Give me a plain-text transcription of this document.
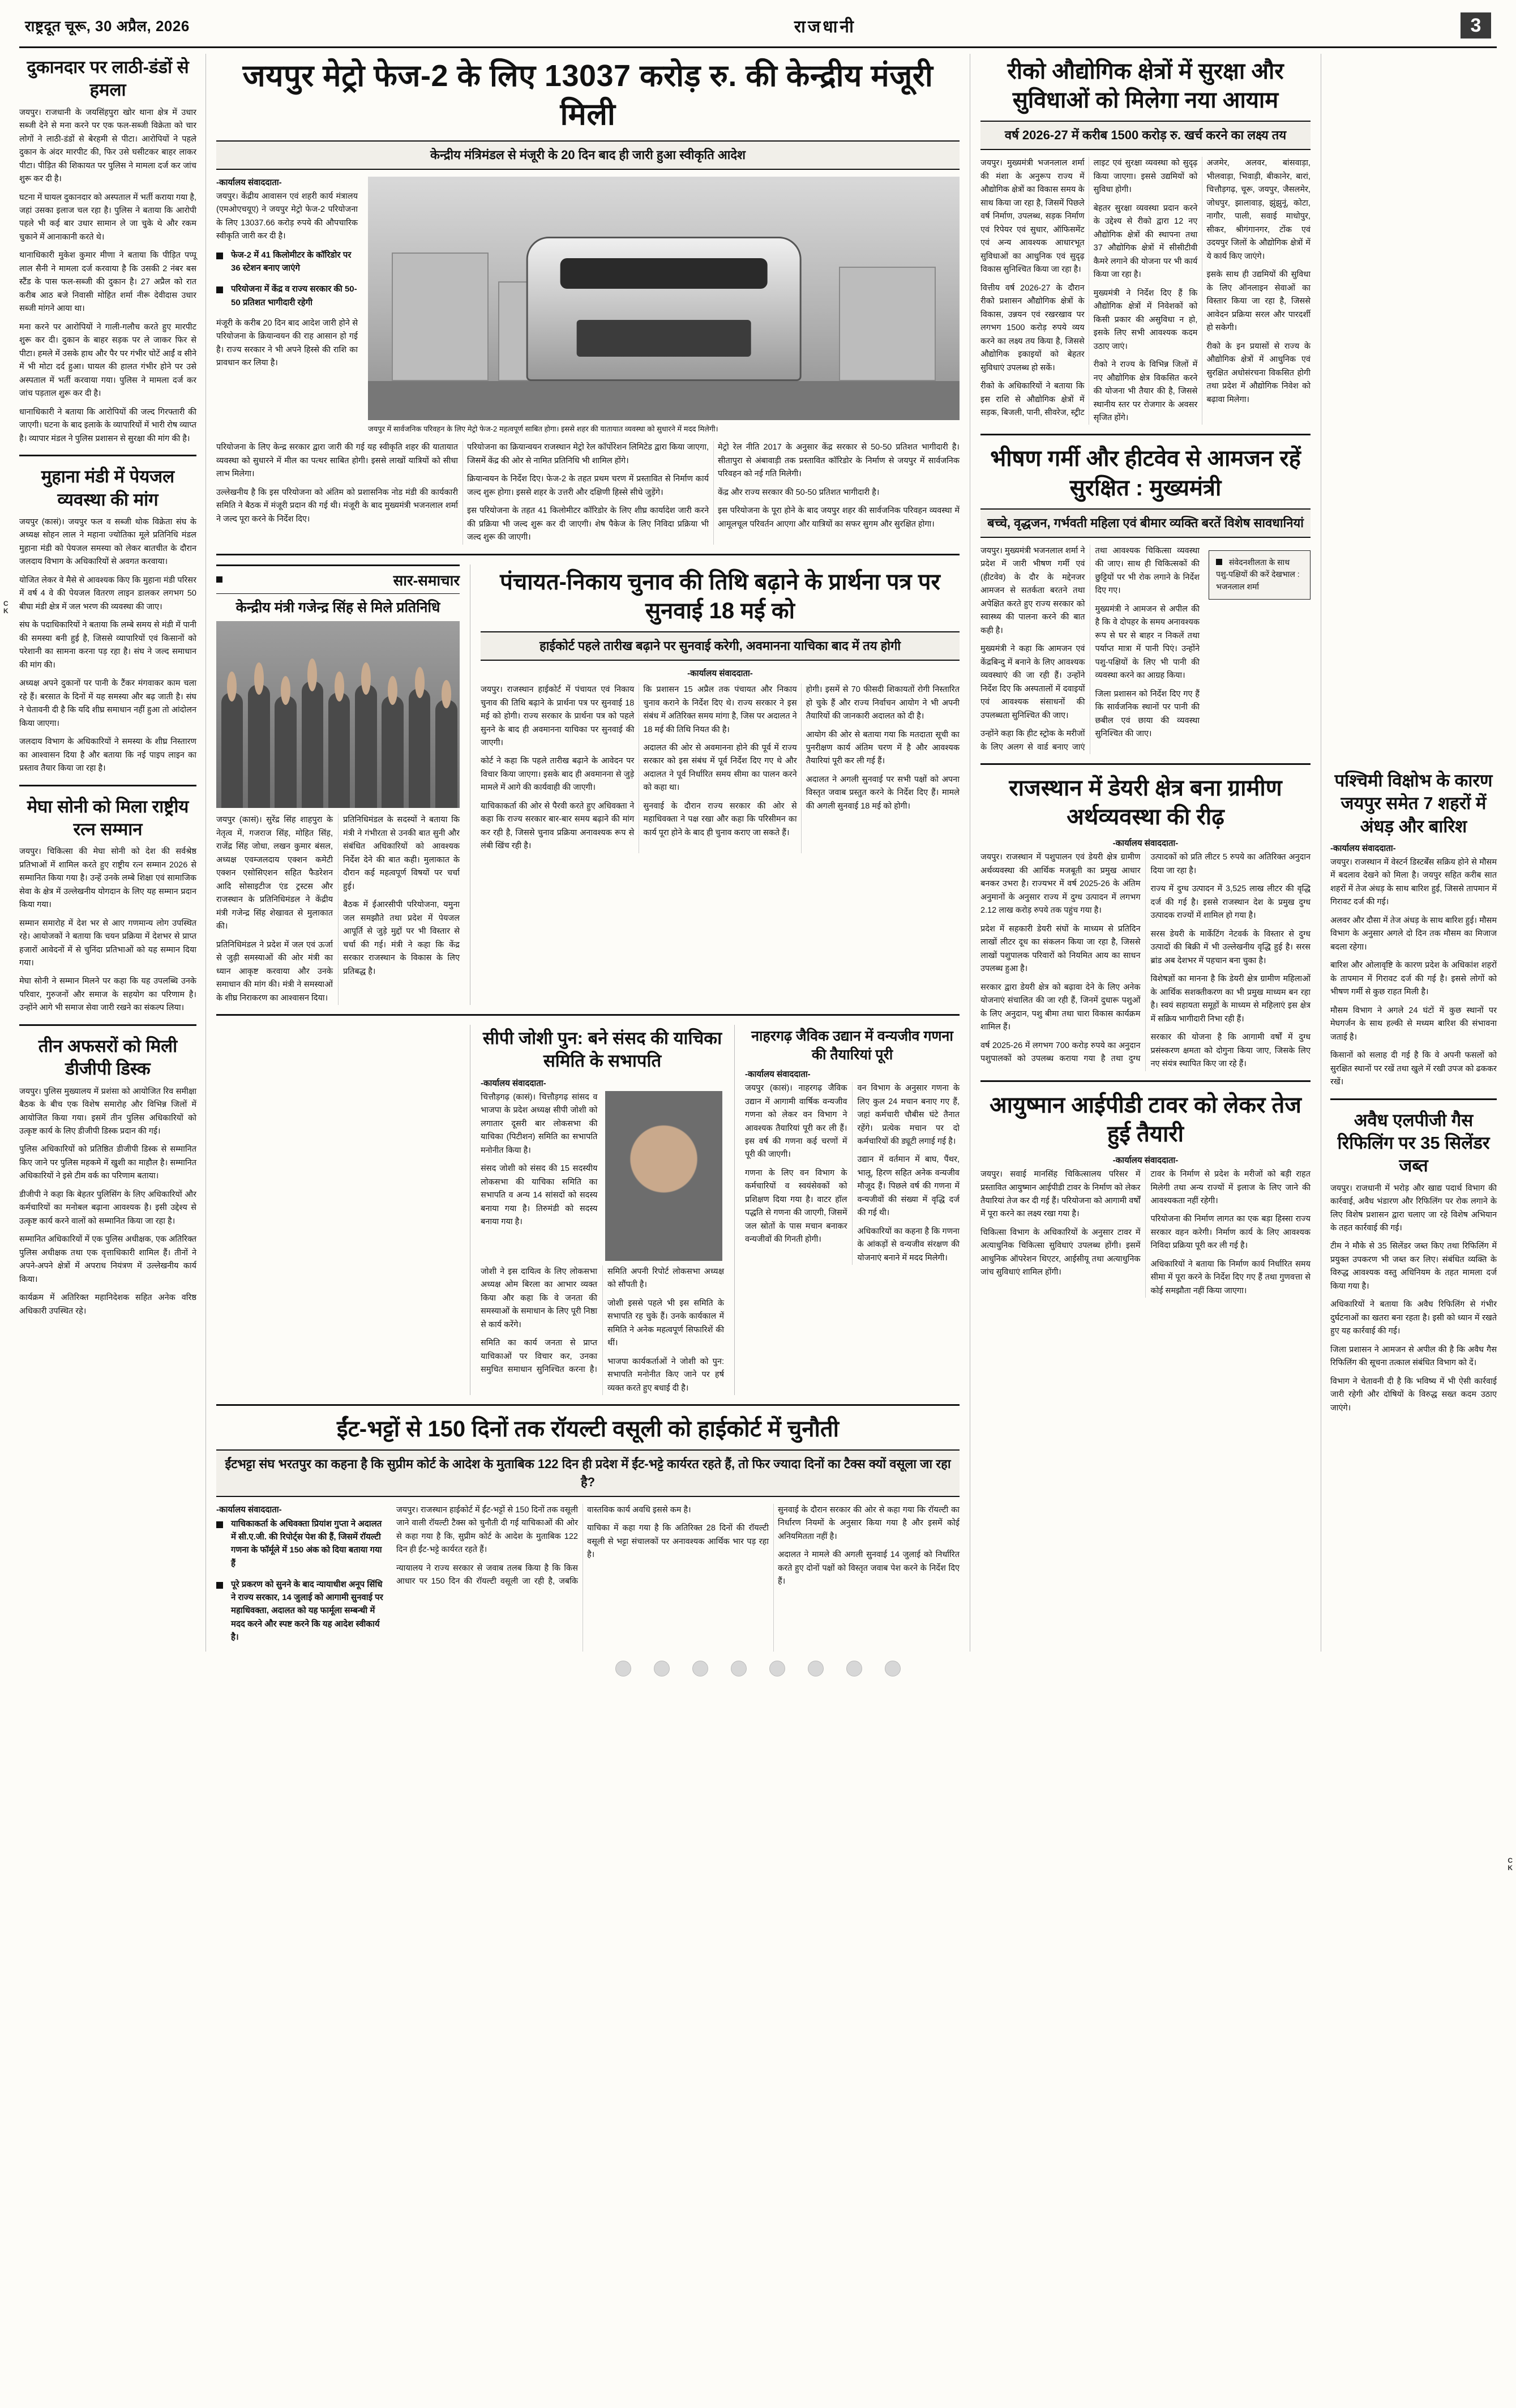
राष्ट्रदूत चूरू, 30 अप्रैल, 2026	राजधानी	3
C
K
C
K
दुकानदार पर लाठी-डंडों से हमला

जयपुर। राजधानी के जयसिंहपुरा खोर थाना क्षेत्र में उधार सब्जी देने से मना करने पर एक फल-सब्जी विक्रेता को चार लोगों ने लाठी-डंडों से बेरहमी से पीटा। आरोपियों ने पहले दुकान के अंदर मारपीट की, फिर उसे घसीटकर बाहर लाकर पीटा। पीड़ित की शिकायत पर पुलिस ने मामला दर्ज कर जांच शुरू कर दी है।

घटना में घायल दुकानदार को अस्पताल में भर्ती कराया गया है, जहां उसका इलाज चल रहा है। पुलिस ने बताया कि आरोपी पहले भी कई बार उधार सामान ले जा चुके थे और रकम चुकाने में आनाकानी करते थे।

थानाधिकारी मुकेश कुमार मीणा ने बताया कि पीड़ित पप्पू लाल सैनी ने मामला दर्ज करवाया है कि उसकी 2 नंबर बस स्टैंड के पास फल-सब्जी की दुकान है। 27 अप्रैल को रात करीब आठ बजे निवासी मोहित शर्मा नीरू देवीदास उधार सब्जी मांगने आया था।

मना करने पर आरोपियों ने गाली-गलौच करते हुए मारपीट शुरू कर दी। दुकान के बाहर सड़क पर ले जाकर फिर से पीटा। हमले में उसके हाथ और पैर पर गंभीर चोटें आईं व सीने में भी मोटा दर्द हुआ। घायल की हालत गंभीर होने पर उसे अस्पताल में भर्ती करवाया गया। पुलिस ने मामला दर्ज कर जांच पड़ताल शुरू कर दी है।

धानाधिकारी ने बताया कि आरोपियों की जल्द गिरफ्तारी की जाएगी। घटना के बाद इलाके के व्यापारियों में भारी रोष व्याप्त है। व्यापार मंडल ने पुलिस प्रशासन से सुरक्षा की मांग की है।

मुहाना मंडी में पेयजल व्यवस्था की मांग

जयपुर (कासं)। जयपुर फल व सब्जी थोक विक्रेता संघ के अध्यक्ष सोहन लाल ने महाना ज्योतिका मूले प्रतिनिधि मंडल मुहाना मंडी को पेयजल समस्या को लेकर बातचीत के दौरान जलदाय विभाग के अधिकारियों से अवगत करवाया।

योजित लेकर वे मैसे से आवश्यक किए कि मुहाना मंडी परिसर में वर्ष 4 वे की पेयजल वितरण लाइन डालकर लगभग 50 बीघा मंडी क्षेत्र में जल भरण की व्यवस्था की जाए।

संघ के पदाधिकारियों ने बताया कि लम्बे समय से मंडी में पानी की समस्या बनी हुई है, जिससे व्यापारियों एवं किसानों को परेशानी का सामना करना पड़ रहा है। संघ ने जल्द समाधान की मांग की।

अध्यक्ष अपने दुकानों पर पानी के टैंकर मंगवाकर काम चला रहे हैं। बरसात के दिनों में यह समस्या और बढ़ जाती है। संघ ने चेतावनी दी है कि यदि शीघ्र समाधान नहीं हुआ तो आंदोलन किया जाएगा।

जलदाय विभाग के अधिकारियों ने समस्या के शीघ्र निस्तारण का आश्वासन दिया है और बताया कि नई पाइप लाइन का प्रस्ताव तैयार किया जा रहा है।

मेघा सोनी को मिला राष्ट्रीय रत्न सम्मान

जयपुर। चिकित्सा की मेघा सोनी को देश की सर्वश्रेष्ठ प्रतिभाओं में शामिल करते हुए राष्ट्रीय रत्न सम्मान 2026 से सम्मानित किया गया है। उन्हें उनके लम्बे शिक्षा एवं सामाजिक सेवा के क्षेत्र में उल्लेखनीय योगदान के लिए यह सम्मान प्रदान किया गया।

सम्मान समारोह में देश भर से आए गणमान्य लोग उपस्थित रहे। आयोजकों ने बताया कि चयन प्रक्रिया में देशभर से प्राप्त हजारों आवेदनों में से चुनिंदा प्रतिभाओं को यह सम्मान दिया गया।

मेघा सोनी ने सम्मान मिलने पर कहा कि यह उपलब्धि उनके परिवार, गुरुजनों और समाज के सहयोग का परिणाम है। उन्होंने आगे भी समाज सेवा जारी रखने का संकल्प लिया।

तीन अफसरों को मिली डीजीपी डिस्क

जयपुर। पुलिस मुख्यालय में प्रशंसा को आयोजित रिव समीक्षा बैठक के बीच एक विशेष समारोह और विभिन्न जिलों में आयोजित किया गया। इसमें तीन पुलिस अधिकारियों को उत्कृष्ट कार्य के लिए डीजीपी डिस्क प्रदान की गई।

पुलिस अधिकारियों को प्रतिष्ठित डीजीपी डिस्क से सम्मानित किए जाने पर पुलिस महकमे में खुशी का माहौल है। सम्मानित अधिकारियों ने इसे टीम वर्क का परिणाम बताया।

डीजीपी ने कहा कि बेहतर पुलिसिंग के लिए अधिकारियों और कर्मचारियों का मनोबल बढ़ाना आवश्यक है। इसी उद्देश्य से उत्कृष्ट कार्य करने वालों को सम्मानित किया जा रहा है।

सम्मानित अधिकारियों में एक पुलिस अधीक्षक, एक अतिरिक्त पुलिस अधीक्षक तथा एक वृत्ताधिकारी शामिल हैं। तीनों ने अपने-अपने क्षेत्रों में अपराध नियंत्रण में उल्लेखनीय कार्य किया।

कार्यक्रम में अतिरिक्त महानिदेशक सहित अनेक वरिष्ठ अधिकारी उपस्थित रहे।

जयपुर मेट्रो फेज-2 के लिए 13037 करोड़ रु. की केन्द्रीय मंजूरी मिली
केन्द्रीय मंत्रिमंडल से मंजूरी के 20 दिन बाद ही जारी हुआ स्वीकृति आदेश
-कार्यालय संवाददाता-

जयपुर। केंद्रीय आवासन एवं शहरी कार्य मंत्रालय (एमओएचयूए) ने जयपुर मेट्रो फेज-2 परियोजना के लिए 13037.66 करोड़ रुपये की औपचारिक स्वीकृति जारी कर दी है।

फेज-2 में 41 किलोमीटर के कॉरिडोर पर 36 स्टेशन बनाए जाएंगे
परियोजना में केंद्र व राज्य सरकार की 50-50 प्रतिशत भागीदारी रहेगी

मंजूरी के करीब 20 दिन बाद आदेश जारी होने से परियोजना के क्रियान्वयन की राह आसान हो गई है। राज्य सरकार ने भी अपने हिस्से की राशि का प्रावधान कर लिया है।

जयपुर में सार्वजनिक परिवहन के लिए मेट्रो फेज-2 महत्वपूर्ण साबित होगा। इससे शहर की यातायात व्यवस्था को सुधारने में मदद मिलेगी।

परियोजना के लिए केन्द्र सरकार द्वारा जारी की गई यह स्वीकृति शहर की यातायात व्यवस्था को सुधारने में मील का पत्थर साबित होगी। इससे लाखों यात्रियों को सीधा लाभ मिलेगा।

उल्लेखनीय है कि इस परियोजना को अंतिम को प्रशासनिक नोड मंडी की कार्यकारी समिति ने बैठक में मंजूरी प्रदान की गई थी। मंजूरी के बाद मुख्यमंत्री भजनलाल शर्मा ने जल्द पूरा करने के निर्देश दिए।

परियोजना का क्रियान्वयन राजस्थान मेट्रो रेल कॉर्पोरेशन लिमिटेड द्वारा किया जाएगा, जिसमें केंद्र की ओर से नामित प्रतिनिधि भी शामिल होंगे।

क्रियान्वयन के निर्देश दिए। फेज-2 के तहत प्रथम चरण में प्रस्तावित से निर्माण कार्य जल्द शुरू होगा। इससे शहर के उत्तरी और दक्षिणी हिस्से सीधे जुड़ेंगे।

इस परियोजना के तहत 41 किलोमीटर कॉरिडोर के लिए शीघ्र कार्यादेश जारी करने की प्रक्रिया भी जल्द शुरू कर दी जाएगी। शेष पैकेज के लिए निविदा प्रक्रिया भी जल्द शुरू की जाएगी।

मेट्रो रेल नीति 2017 के अनुसार केंद्र सरकार से 50-50 प्रतिशत भागीदारी है। सीतापुरा से अंबावाड़ी तक प्रस्तावित कॉरिडोर के निर्माण से जयपुर में सार्वजनिक परिवहन को नई गति मिलेगी।

केंद्र और राज्य सरकार की 50-50 प्रतिशत भागीदारी है।

इस परियोजना के पूरा होने के बाद जयपुर शहर की सार्वजनिक परिवहन व्यवस्था में आमूलचूल परिवर्तन आएगा और यात्रियों का सफर सुगम और सुरक्षित होगा।

सार-समाचार
केन्द्रीय मंत्री गजेन्द्र सिंह से मिले प्रतिनिधि

जयपुर (कासं)। सुरेंद्र सिंह शाहपुरा के नेतृत्व में, गजराज सिंह, मोहित सिंह, राजेंद्र सिंह जोधा, लखन कुमार बंसल, अध्यक्ष एवम्जलदाय एक्शन कमेटी एक्शन एसोसिएशन सहित फैडरेशन आदि सोसाइटीज एंड ट्रस्टस और राजस्थान के प्रतिनिधिमंडल ने केंद्रीय मंत्री गजेन्द्र सिंह शेखावत से मुलाकात की।

प्रतिनिधिमंडल ने प्रदेश में जल एवं ऊर्जा से जुड़ी समस्याओं की ओर मंत्री का ध्यान आकृष्ट करवाया और उनके समाधान की मांग की। मंत्री ने समस्याओं के शीघ्र निराकरण का आश्वासन दिया।

प्रतिनिधिमंडल के सदस्यों ने बताया कि मंत्री ने गंभीरता से उनकी बात सुनी और संबंधित अधिकारियों को आवश्यक निर्देश देने की बात कही। मुलाकात के दौरान कई महत्वपूर्ण विषयों पर चर्चा हुई।

बैठक में ईआरसीपी परियोजना, यमुना जल समझौते तथा प्रदेश में पेयजल आपूर्ति से जुड़े मुद्दों पर भी विस्तार से चर्चा की गई। मंत्री ने कहा कि केंद्र सरकार राजस्थान के विकास के लिए प्रतिबद्ध है।

पंचायत-निकाय चुनाव की तिथि बढ़ाने के प्रार्थना पत्र पर सुनवाई 18 मई को
हाईकोर्ट पहले तारीख बढ़ाने पर सुनवाई करेगी, अवमानना याचिका बाद में तय होगी
-कार्यालय संवाददाता-

जयपुर। राजस्थान हाईकोर्ट में पंचायत एवं निकाय चुनाव की तिथि बढ़ाने के प्रार्थना पत्र पर सुनवाई 18 मई को होगी। राज्य सरकार के प्रार्थना पत्र को पहले सुनने के बाद ही अवमानना याचिका पर सुनवाई की जाएगी।

कोर्ट ने कहा कि पहले तारीख बढ़ाने के आवेदन पर विचार किया जाएगा। इसके बाद ही अवमानना से जुड़े मामले में आगे की कार्यवाही की जाएगी।

याचिकाकर्ता की ओर से पैरवी करते हुए अधिवक्ता ने कहा कि राज्य सरकार बार-बार समय बढ़ाने की मांग कर रही है, जिससे चुनाव प्रक्रिया अनावश्यक रूप से लंबी खिंच रही है।

कि प्रशासन 15 अप्रैल तक पंचायत और निकाय चुनाव कराने के निर्देश दिए थे। राज्य सरकार ने इस संबंध में अतिरिक्त समय मांगा है, जिस पर अदालत ने 18 मई की तिथि नियत की है।

अदालत की ओर से अवमानना होने की पूर्व में राज्य सरकार को इस संबंध में पूर्व निर्देश दिए गए थे और अदालत ने पूर्व निर्धारित समय सीमा का पालन करने को कहा था।

सुनवाई के दौरान राज्य सरकार की ओर से महाधिवक्ता ने पक्ष रखा और कहा कि परिसीमन का कार्य पूरा होने के बाद ही चुनाव कराए जा सकते हैं।

होगी। इसमें से 70 फीसदी शिकायतों रोगी निस्तारित हो चुके हैं और राज्य निर्वाचन आयोग ने भी अपनी तैयारियों की जानकारी अदालत को दी है।

आयोग की ओर से बताया गया कि मतदाता सूची का पुनरीक्षण कार्य अंतिम चरण में है और आवश्यक तैयारियां पूरी कर ली गई हैं।

अदालत ने अगली सुनवाई पर सभी पक्षों को अपना विस्तृत जवाब प्रस्तुत करने के निर्देश दिए हैं। मामले की अगली सुनवाई 18 मई को होगी।

सीपी जोशी पुन: बने संसद की याचिका समिति के सभापति
-कार्यालय संवाददाता-

चित्तौड़गढ़ (कासं)। चित्तौड़गढ़ सांसद व भाजपा के प्रदेश अध्यक्ष सीपी जोशी को लगातार दूसरी बार लोकसभा की याचिका (पिटीशन) समिति का सभापति मनोनीत किया है।

संसद जोशी को संसद की 15 सदस्यीय लोकसभा की याचिका समिति का सभापति व अन्य 14 सांसदों को सदस्य बनाया गया है। तिरुमंडी को सदस्य बनाया गया है।

जोशी ने इस दायित्व के लिए लोकसभा अध्यक्ष ओम बिरला का आभार व्यक्त किया और कहा कि वे जनता की समस्याओं के समाधान के लिए पूरी निष्ठा से कार्य करेंगे।

समिति का कार्य जनता से प्राप्त याचिकाओं पर विचार कर, उनका समुचित समाधान सुनिश्चित करना है। समिति अपनी रिपोर्ट लोकसभा अध्यक्ष को सौंपती है।

जोशी इससे पहले भी इस समिति के सभापति रह चुके हैं। उनके कार्यकाल में समिति ने अनेक महत्वपूर्ण सिफारिशें की थीं।

भाजपा कार्यकर्ताओं ने जोशी को पुन: सभापति मनोनीत किए जाने पर हर्ष व्यक्त करते हुए बधाई दी है।

नाहरगढ़ जैविक उद्यान में वन्यजीव गणना की तैयारियां पूरी
-कार्यालय संवाददाता-

जयपुर (कासं)। नाहरगढ़ जैविक उद्यान में आगामी वार्षिक वन्यजीव गणना को लेकर वन विभाग ने आवश्यक तैयारियां पूरी कर ली हैं। इस वर्ष की गणना कई चरणों में पूरी की जाएगी।

गणना के लिए वन विभाग के कर्मचारियों व स्वयंसेवकों को प्रशिक्षण दिया गया है। वाटर हॉल पद्धति से गणना की जाएगी, जिसमें जल स्रोतों के पास मचान बनाकर वन्यजीवों की गिनती होगी।

वन विभाग के अनुसार गणना के लिए कुल 24 मचान बनाए गए हैं, जहां कर्मचारी चौबीस घंटे तैनात रहेंगे। प्रत्येक मचान पर दो कर्मचारियों की ड्यूटी लगाई गई है।

उद्यान में वर्तमान में बाघ, पैंथर, भालू, हिरण सहित अनेक वन्यजीव मौजूद हैं। पिछले वर्ष की गणना में वन्यजीवों की संख्या में वृद्धि दर्ज की गई थी।

अधिकारियों का कहना है कि गणना के आंकड़ों से वन्यजीव संरक्षण की योजनाएं बनाने में मदद मिलेगी।

ईंट-भट्टों से 150 दिनों तक रॉयल्टी वसूली को हाईकोर्ट में चुनौती
ईंटभट्टा संघ भरतपुर का कहना है कि सुप्रीम कोर्ट के आदेश के मुताबिक 122 दिन ही प्रदेश में ईंट-भट्टे कार्यरत रहते हैं, तो फिर ज्यादा दिनों का टैक्स क्यों वसूला जा रहा है?
-कार्यालय संवाददाता-
याचिकाकर्ता के अधिवक्ता प्रियांश गुप्ता ने अदालत में सी.ए.जी. की रिपोर्ट्स पेश की हैं, जिसमें रॉयल्टी गणना के फॉर्मूले में 150 अंक को दिया बताया गया हैं
पूरे प्रकरण को सुनने के बाद न्यायाधीश अनूप सिंधि ने राज्य सरकार, 14 जुलाई को आगामी सुनवाई पर महाधिवक्ता, अदालत को यह फार्मूला सम्बन्धी में मदद करने और स्पष्ट करने कि यह आदेश स्वीकार्य है।

जयपुर। राजस्थान हाईकोर्ट में ईंट-भट्टों से 150 दिनों तक वसूली जाने वाली रॉयल्टी टैक्स को चुनौती दी गई याचिकाओं की ओर से कहा गया है कि, सुप्रीम कोर्ट के आदेश के मुताबिक 122 दिन ही ईंट-भट्टे कार्यरत रहते हैं।

न्यायालय ने राज्य सरकार से जवाब तलब किया है कि किस आधार पर 150 दिन की रॉयल्टी वसूली जा रही है, जबकि वास्तविक कार्य अवधि इससे कम है।

याचिका में कहा गया है कि अतिरिक्त 28 दिनों की रॉयल्टी वसूली से भट्टा संचालकों पर अनावश्यक आर्थिक भार पड़ रहा है।

सुनवाई के दौरान सरकार की ओर से कहा गया कि रॉयल्टी का निर्धारण नियमों के अनुसार किया गया है और इसमें कोई अनियमितता नहीं है।

अदालत ने मामले की अगली सुनवाई 14 जुलाई को निर्धारित करते हुए दोनों पक्षों को विस्तृत जवाब पेश करने के निर्देश दिए हैं।

रीको औद्योगिक क्षेत्रों में सुरक्षा और सुविधाओं को मिलेगा नया आयाम
वर्ष 2026-27 में करीब 1500 करोड़ रु. खर्च करने का लक्ष्य तय

जयपुर। मुख्यमंत्री भजनलाल शर्मा की मंशा के अनुरूप राज्य में औद्योगिक क्षेत्रों का विकास समय के साथ किया जा रहा है, जिसमें पिछले वर्ष निर्माण, उपलब्ध, सड़क निर्माण एवं रिपेयर एवं सुधार, ऑफिसमेंट एवं अन्य आवश्यक आधारभूत सुविधाओं का आधुनिक एवं सुदृढ़ विकास सुनिश्चित किया जा रहा है।

वित्तीय वर्ष 2026-27 के दौरान रीको प्रशासन औद्योगिक क्षेत्रों के विकास, उन्नयन एवं रखरखाव पर लगभग 1500 करोड़ रुपये व्यय करने का लक्ष्य तय किया है, जिससे औद्योगिक इकाइयों को बेहतर सुविधाएं उपलब्ध हो सकें।

रीको के अधिकारियों ने बताया कि इस राशि से औद्योगिक क्षेत्रों में सड़क, बिजली, पानी, सीवरेज, स्ट्रीट लाइट एवं सुरक्षा व्यवस्था को सुदृढ़ किया जाएगा। इससे उद्यमियों को सुविधा होगी।

बेहतर सुरक्षा व्यवस्था प्रदान करने के उद्देश्य से रीको द्वारा 12 नए औद्योगिक क्षेत्रों की स्थापना तथा 37 औद्योगिक क्षेत्रों में सीसीटीवी कैमरे लगाने की योजना पर भी कार्य किया जा रहा है।

मुख्यमंत्री ने निर्देश दिए हैं कि औद्योगिक क्षेत्रों में निवेशकों को किसी प्रकार की असुविधा न हो, इसके लिए सभी आवश्यक कदम उठाए जाएं।

रीको ने राज्य के विभिन्न जिलों में नए औद्योगिक क्षेत्र विकसित करने की योजना भी तैयार की है, जिससे स्थानीय स्तर पर रोजगार के अवसर सृजित होंगे।

अजमेर, अलवर, बांसवाड़ा, भीलवाड़ा, भिवाड़ी, बीकानेर, बारां, चित्तौड़गढ़, चूरू, जयपुर, जैसलमेर, जोधपुर, झालावाड़, झुंझुनूं, कोटा, नागौर, पाली, सवाई माधोपुर, सीकर, श्रीगंगानगर, टोंक एवं उदयपुर जिलों के औद्योगिक क्षेत्रों में ये कार्य किए जाएंगे।

इसके साथ ही उद्यमियों की सुविधा के लिए ऑनलाइन सेवाओं का विस्तार किया जा रहा है, जिससे आवेदन प्रक्रिया सरल और पारदर्शी हो सकेगी।

रीको के इन प्रयासों से राज्य के औद्योगिक क्षेत्रों में आधुनिक एवं सुरक्षित अधोसंरचना विकसित होगी तथा प्रदेश में औद्योगिक निवेश को बढ़ावा मिलेगा।

भीषण गर्मी और हीटवेव से आमजन रहें सुरक्षित : मुख्यमंत्री
बच्चे, वृद्धजन, गर्भवती महिला एवं बीमार व्यक्ति बरतें विशेष सावधानियां

जयपुर। मुख्यमंत्री भजनलाल शर्मा ने प्रदेश में जारी भीषण गर्मी एवं (हीटवेव) के दौर के मद्देनजर आमजन से सतर्कता बरतने तथा अपेक्षित करते हुए राज्य सरकार को स्वास्थ्य की पालना करने की बात कही है।

मुख्यमंत्री ने कहा कि आमजन एवं केंद्रबिन्दु में बनाने के लिए आवश्यक व्यवस्थाएं की जा रही हैं। उन्होंने निर्देश दिए कि अस्पतालों में दवाइयों एवं आवश्यक संसाधनों की उपलब्धता सुनिश्चित की जाए।

उन्होंने कहा कि हीट स्ट्रोक के मरीजों के लिए अलग से वार्ड बनाए जाएं तथा आवश्यक चिकित्सा व्यवस्था की जाए। साथ ही चिकित्सकों की छुट्टियों पर भी रोक लगाने के निर्देश दिए गए।

मुख्यमंत्री ने आमजन से अपील की है कि वे दोपहर के समय अनावश्यक रूप से घर से बाहर न निकलें तथा पर्याप्त मात्रा में पानी पिएं। उन्होंने पशु-पक्षियों के लिए भी पानी की व्यवस्था करने का आग्रह किया।

जिला प्रशासन को निर्देश दिए गए हैं कि सार्वजनिक स्थानों पर पानी की छबील एवं छाया की व्यवस्था सुनिश्चित की जाए।

संवेदनशीलता के साथ पशु-पक्षियों की करें देखभाल : भजनलाल शर्मा
राजस्थान में डेयरी क्षेत्र बना ग्रामीण अर्थव्यवस्था की रीढ़
-कार्यालय संवाददाता-

जयपुर। राजस्थान में पशुपालन एवं डेयरी क्षेत्र ग्रामीण अर्थव्यवस्था की आर्थिक मजबूती का प्रमुख आधार बनकर उभरा है। राज्यभर में वर्ष 2025-26 के अंतिम अनुमानों के अनुसार राज्य में दुग्ध उत्पादन में लगभग 2.12 लाख करोड़ रुपये तक पहुंच गया है।

प्रदेश में सहकारी डेयरी संघों के माध्यम से प्रतिदिन लाखों लीटर दूध का संकलन किया जा रहा है, जिससे लाखों पशुपालक परिवारों को नियमित आय का साधन उपलब्ध हुआ है।

सरकार द्वारा डेयरी क्षेत्र को बढ़ावा देने के लिए अनेक योजनाएं संचालित की जा रही हैं, जिनमें दुधारू पशुओं के लिए अनुदान, पशु बीमा तथा चारा विकास कार्यक्रम शामिल हैं।

वर्ष 2025-26 में लगभग 700 करोड़ रुपये का अनुदान पशुपालकों को उपलब्ध कराया गया है तथा दुग्ध उत्पादकों को प्रति लीटर 5 रुपये का अतिरिक्त अनुदान दिया जा रहा है।

राज्य में दुग्ध उत्पादन में 3,525 लाख लीटर की वृद्धि दर्ज की गई है। इससे राजस्थान देश के प्रमुख दुग्ध उत्पादक राज्यों में शामिल हो गया है।

सरस डेयरी के मार्केटिंग नेटवर्क के विस्तार से दुग्ध उत्पादों की बिक्री में भी उल्लेखनीय वृद्धि हुई है। सरस ब्रांड अब देशभर में पहचान बना चुका है।

विशेषज्ञों का मानना है कि डेयरी क्षेत्र ग्रामीण महिलाओं के आर्थिक सशक्तीकरण का भी प्रमुख माध्यम बन रहा है। स्वयं सहायता समूहों के माध्यम से महिलाएं इस क्षेत्र में सक्रिय भागीदारी निभा रही हैं।

सरकार की योजना है कि आगामी वर्षों में दुग्ध प्रसंस्करण क्षमता को दोगुना किया जाए, जिसके लिए नए संयंत्र स्थापित किए जा रहे हैं।

आयुष्मान आईपीडी टावर को लेकर तेज हुई तैयारी
-कार्यालय संवाददाता-

जयपुर। सवाई मानसिंह चिकित्सालय परिसर में प्रस्तावित आयुष्मान आईपीडी टावर के निर्माण को लेकर तैयारियां तेज कर दी गई हैं। परियोजना को आगामी वर्षों में पूरा करने का लक्ष्य रखा गया है।

चिकित्सा विभाग के अधिकारियों के अनुसार टावर में अत्याधुनिक चिकित्सा सुविधाएं उपलब्ध होंगी। इसमें आधुनिक ऑपरेशन थिएटर, आईसीयू तथा अत्याधुनिक जांच सुविधाएं शामिल होंगी।

टावर के निर्माण से प्रदेश के मरीजों को बड़ी राहत मिलेगी तथा अन्य राज्यों में इलाज के लिए जाने की आवश्यकता नहीं रहेगी।

परियोजना की निर्माण लागत का एक बड़ा हिस्सा राज्य सरकार वहन करेगी। निर्माण कार्य के लिए आवश्यक निविदा प्रक्रिया पूरी कर ली गई है।

अधिकारियों ने बताया कि निर्माण कार्य निर्धारित समय सीमा में पूरा करने के निर्देश दिए गए हैं तथा गुणवत्ता से कोई समझौता नहीं किया जाएगा।

पश्चिमी विक्षोभ के कारण जयपुर समेत 7 शहरों में अंधड़ और बारिश
-कार्यालय संवाददाता-

जयपुर। राजस्थान में वेस्टर्न डिस्टर्बेंस सक्रिय होने से मौसम में बदलाव देखने को मिला है। जयपुर सहित करीब सात शहरों में तेज अंधड़ के साथ बारिश हुई, जिससे तापमान में गिरावट दर्ज की गई।

अलवर और दौसा में तेज अंधड़ के साथ बारिश हुई। मौसम विभाग के अनुसार अगले दो दिन तक मौसम का मिजाज बदला रहेगा।

बारिश और ओलावृष्टि के कारण प्रदेश के अधिकांश शहरों के तापमान में गिरावट दर्ज की गई है। इससे लोगों को भीषण गर्मी से कुछ राहत मिली है।

मौसम विभाग ने अगले 24 घंटों में कुछ स्थानों पर मेघगर्जन के साथ हल्की से मध्यम बारिश की संभावना जताई है।

किसानों को सलाह दी गई है कि वे अपनी फसलों को सुरक्षित स्थानों पर रखें तथा खुले में रखी उपज को ढककर रखें।

अवैध एलपीजी गैस रिफिलिंग पर 35 सिलेंडर जब्त

जयपुर। राजधानी में भरोड़ और खाद्य पदार्थ विभाग की कार्रवाई, अवैध भंडारण और रिफिलिंग पर रोक लगाने के लिए विशेष प्रशासन द्वारा चलाए जा रहे विशेष अभियान के तहत कार्रवाई की गई।

टीम ने मौके से 35 सिलेंडर जब्त किए तथा रिफिलिंग में प्रयुक्त उपकरण भी जब्त कर लिए। संबंधित व्यक्ति के विरुद्ध आवश्यक वस्तु अधिनियम के तहत मामला दर्ज किया गया है।

अधिकारियों ने बताया कि अवैध रिफिलिंग से गंभीर दुर्घटनाओं का खतरा बना रहता है। इसी को ध्यान में रखते हुए यह कार्रवाई की गई।

जिला प्रशासन ने आमजन से अपील की है कि अवैध गैस रिफिलिंग की सूचना तत्काल संबंधित विभाग को दें।

विभाग ने चेतावनी दी है कि भविष्य में भी ऐसी कार्रवाई जारी रहेगी और दोषियों के विरुद्ध सख्त कदम उठाए जाएंगे।
